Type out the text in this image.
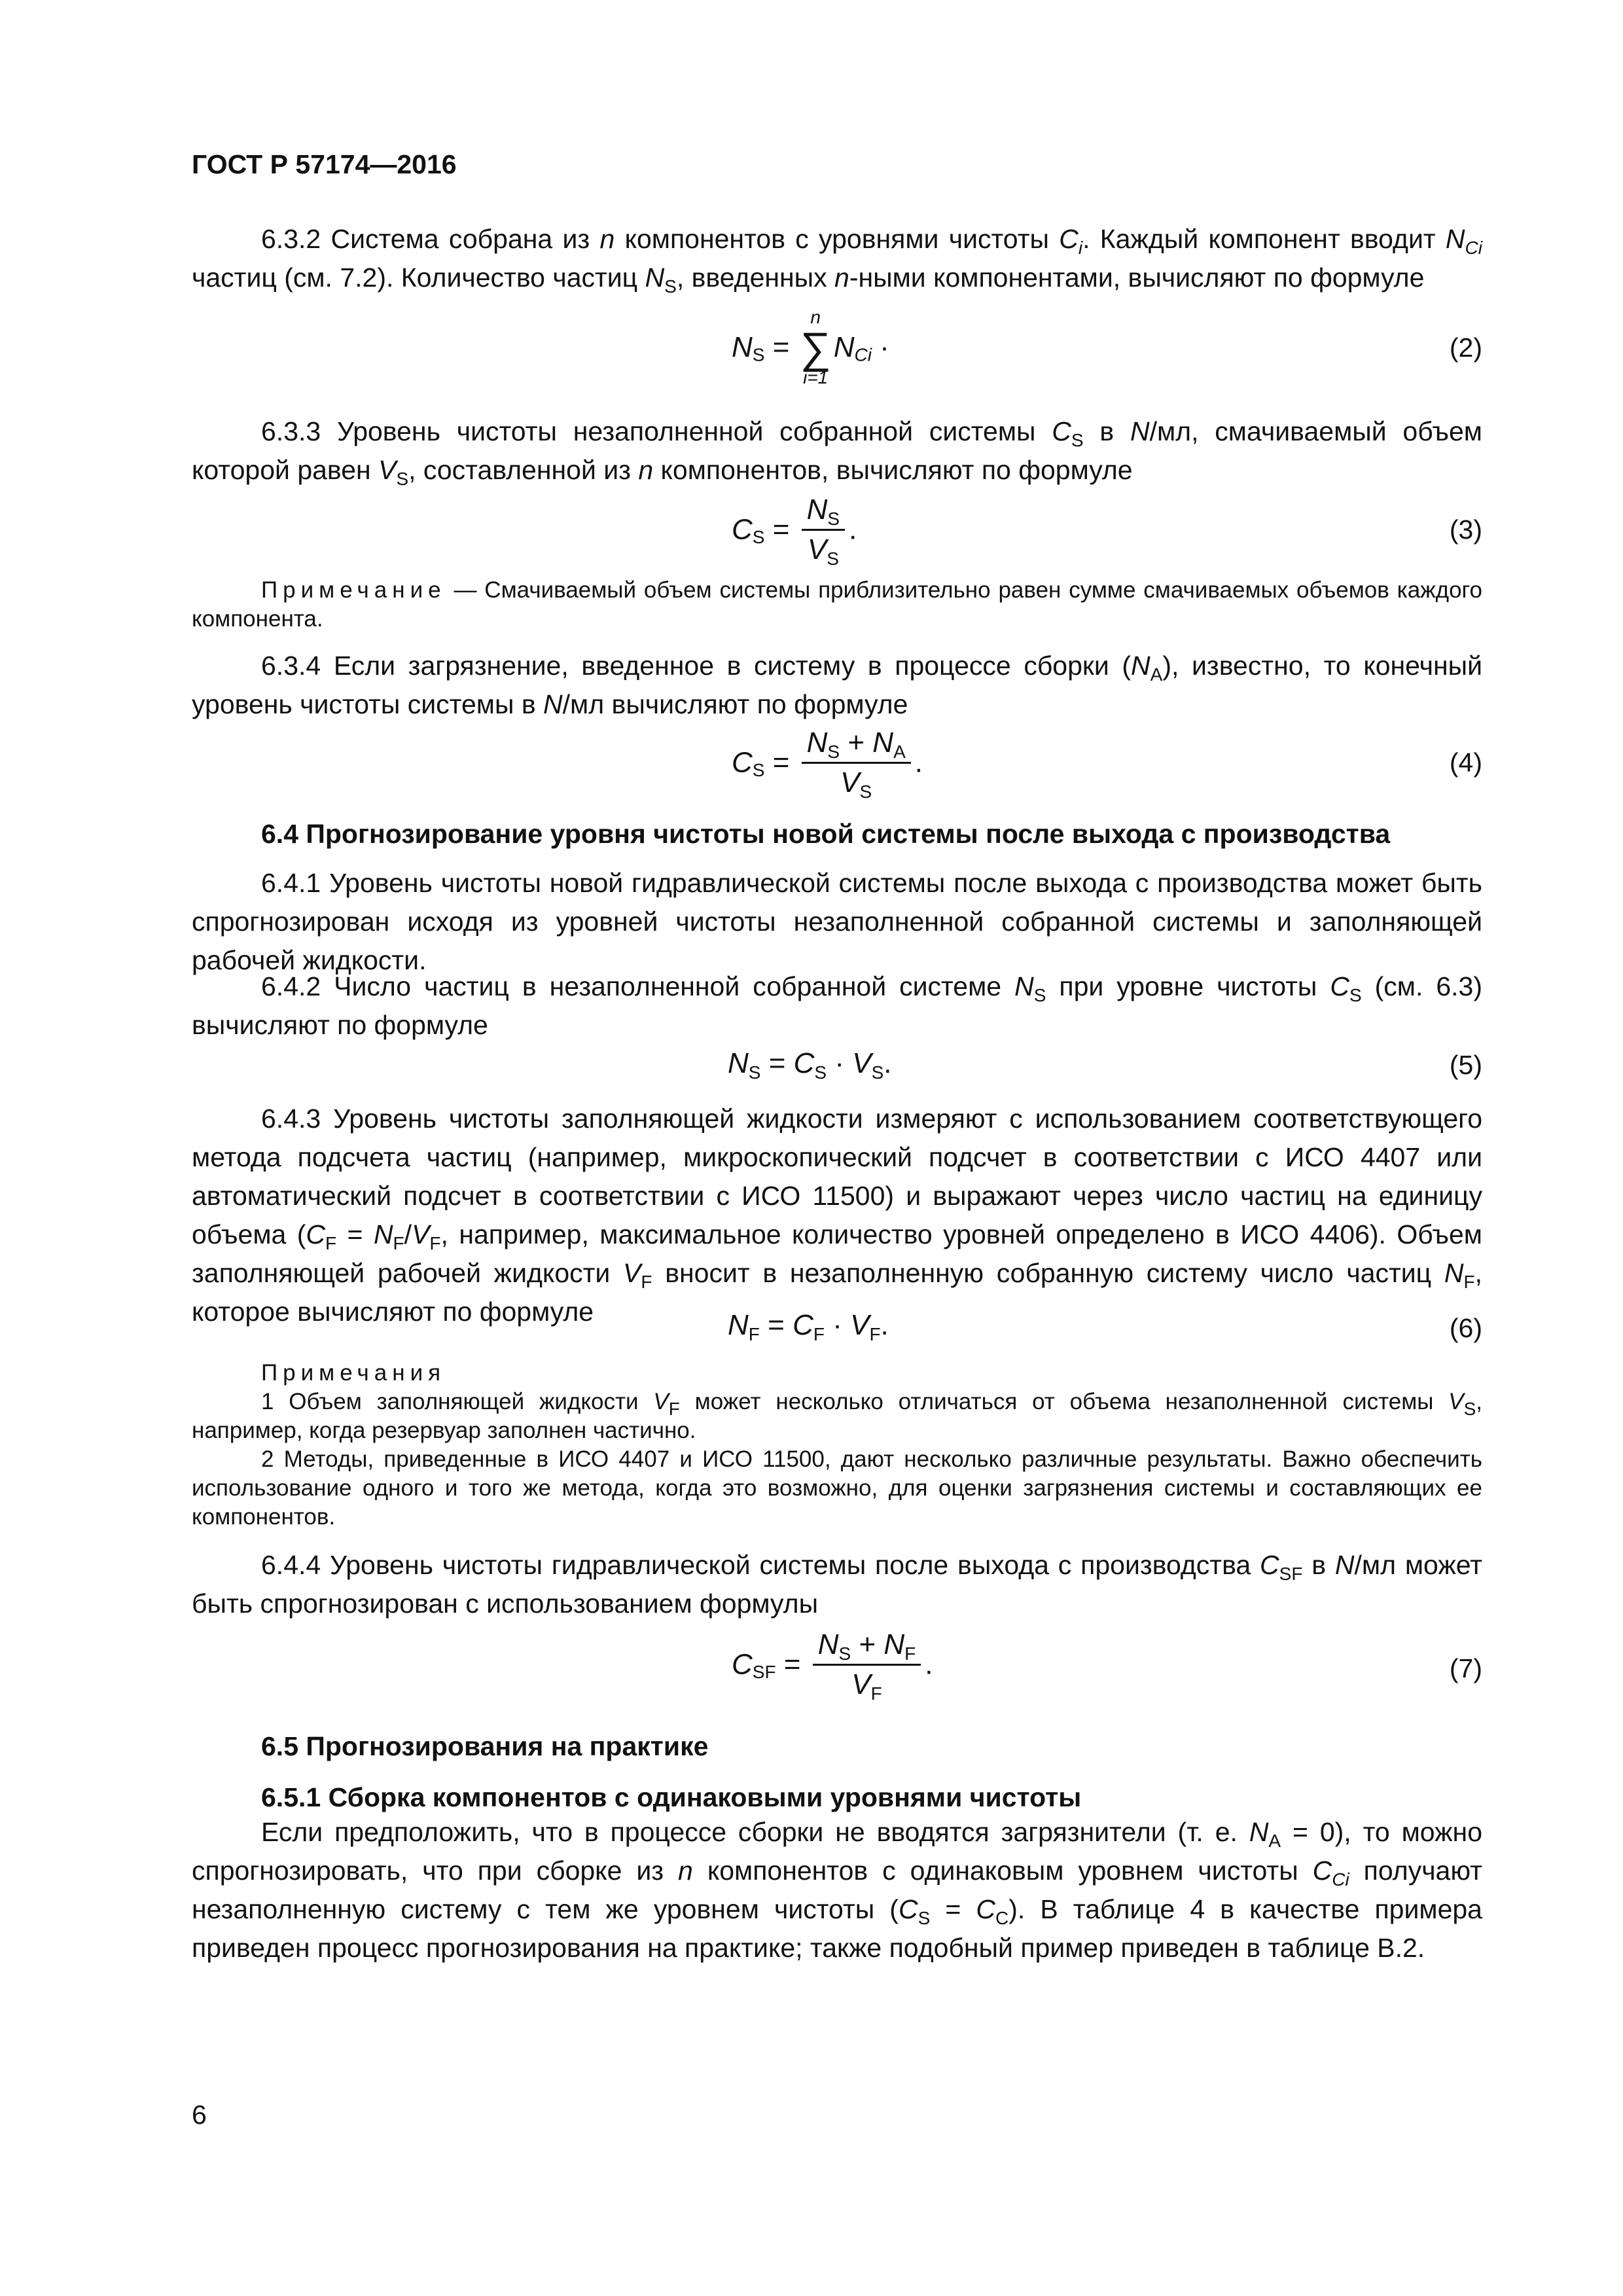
ГОСТ Р 57174—2016
6.3.2 Система собрана из n компонентов с уровнями чистоты $C_i$. Каждый компонент вводит $N_{Ci}$ частиц (см. 7.2). Количество частиц $N_S$, введенных n-ными компонентами, вычисляют по формуле
$N_S$ =
n
∑
i=1
$N_{Ci}$ ·	(2)
6.3.3 Уровень чистоты незаполненной собранной системы $C_S$ в N/мл, смачиваемый объем которой равен $V_S$, составленной из n компонентов, вычисляют по формуле
$C_S = \frac{N_S}{V_S}$ .	(3)
Примечание — Смачиваемый объем системы приблизительно равен сумме смачиваемых объемов каждого компонента.
6.3.4 Если загрязнение, введенное в систему в процессе сборки $(N_A)$, известно, то конечный уровень чистоты системы в N/мл вычисляют по формуле
$C_S = \frac{N_S + N_A}{V_S}$ .	(4)
6.4 Прогнозирование уровня чистоты новой системы после выхода с производства
6.4.1 Уровень чистоты новой гидравлической системы после выхода с производства может быть спрогнозирован исходя из уровней чистоты незаполненной собранной системы и заполняющей рабочей жидкости.
6.4.2 Число частиц в незаполненной собранной системе $N_S$ при уровне чистоты $C_S$ (см. 6.3) вычисляют по формуле
$N_S = C_S \cdot V_S$.	(5)
6.4.3 Уровень чистоты заполняющей жидкости измеряют с использованием соответствующего метода подсчета частиц (например, микроскопический подсчет в соответствии с ИСО 4407 или автоматический подсчет в соответствии с ИСО 11500) и выражают через число частиц на единицу объема ($C_F = N_F/V_F$, например, максимальное количество уровней определено в ИСО 4406). Объем заполняющей рабочей жидкости $V_F$ вносит в незаполненную собранную систему число частиц $N_F$, которое вычисляют по формуле	$N_F = C_F \cdot V_F$.	(6)
Примечания
1 Объем заполняющей жидкости $V_F$ может несколько отличаться от объема незаполненной системы $V_S$, например, когда резервуар заполнен частично.
2 Методы, приведенные в ИСО 4407 и ИСО 11500, дают несколько различные результаты. Важно обеспечить использование одного и того же метода, когда это возможно, для оценки загрязнения системы и составляющих ее компонентов.
6.4.4 Уровень чистоты гидравлической системы после выхода с производства $C_{SF}$ в N/мл может быть спрогнозирован с использованием формулы
$C_{SF} = \frac{N_S + N_F}{V_F}$ .	(7)
6.5 Прогнозирования на практике
6.5.1 Сборка компонентов с одинаковыми уровнями чистоты
Если предположить, что в процессе сборки не вводятся загрязнители (т. е. $N_A = 0$), то можно спрогнозировать, что при сборке из n компонентов с одинаковым уровнем чистоты $C_{Ci}$ получают незаполненную систему с тем же уровнем чистоты $(C_S = C_C)$. В таблице 4 в качестве примера приведен процесс прогнозирования на практике; также подобный пример приведен в таблице В.2.
6
